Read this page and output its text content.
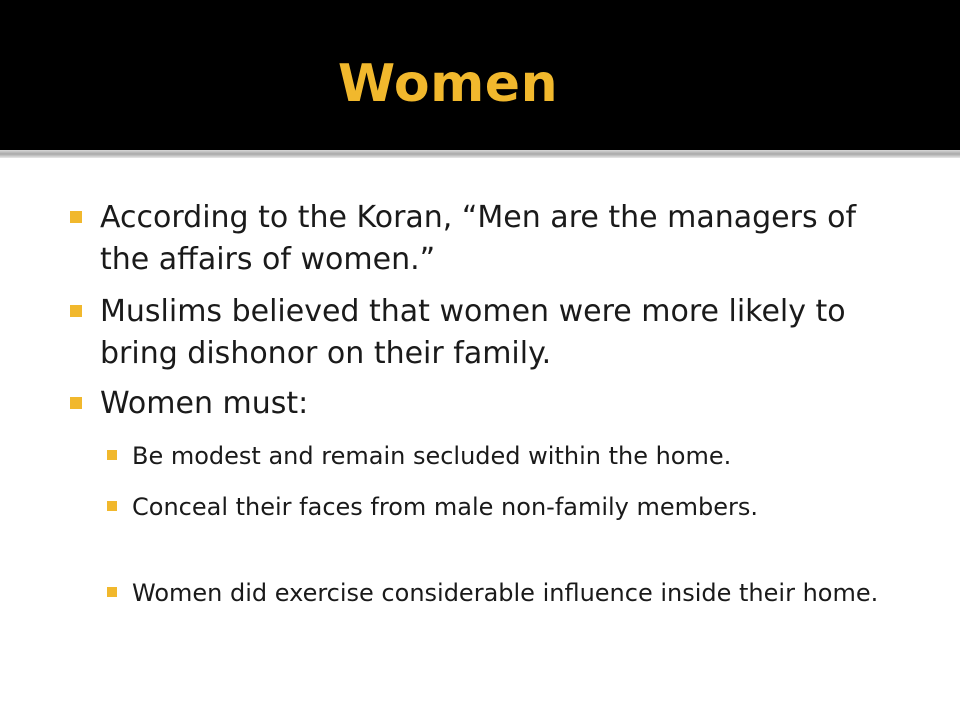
Women
According to the Koran, “Men are the managers of the affairs of women.”
Muslims believed that women were more likely to bring dishonor on their family.
Women must:
Be modest and remain secluded within the home.
Conceal their faces from male non-family members.
Women did exercise considerable influence inside their home.
